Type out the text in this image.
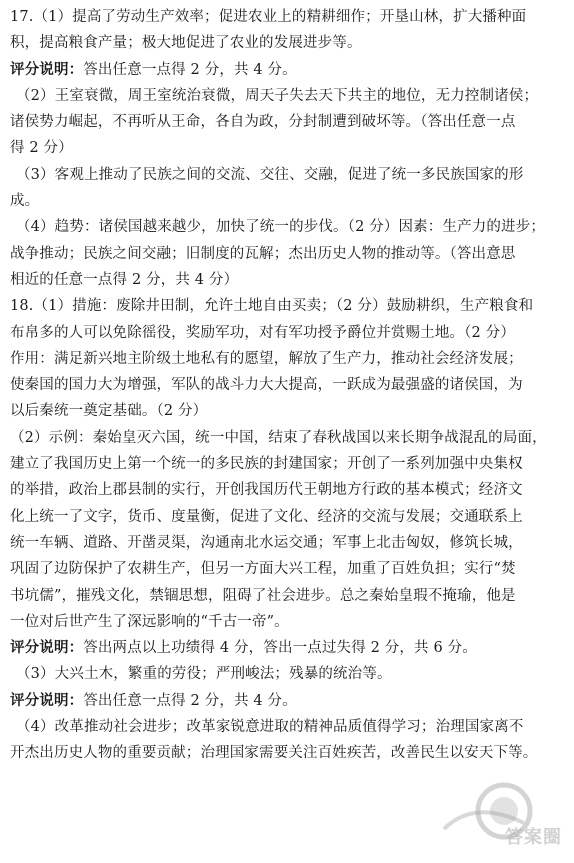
17.（1）提高了劳动生产效率；促进农业上的精耕细作；开垦山林，扩大播种面

积，提高粮食产量；极大地促进了农业的发展进步等。

评分说明：答出任意一点得 2 分，共 4 分。

（2）王室衰微，周王室统治衰微，周天子失去天下共主的地位，无力控制诸侯；

诸侯势力崛起，不再听从王命，各自为政，分封制遭到破坏等。（答出任意一点

得 2 分）

（3）客观上推动了民族之间的交流、交往、交融，促进了统一多民族国家的形

成。

（4）趋势：诸侯国越来越少，加快了统一的步伐。（2 分）因素：生产力的进步；

战争推动；民族之间交融；旧制度的瓦解；杰出历史人物的推动等。（答出意思

相近的任意一点得 2 分，共 4 分）

18.（1）措施：废除井田制，允许土地自由买卖；（2 分）鼓励耕织，生产粮食和

布帛多的人可以免除徭役，奖励军功，对有军功授予爵位并赏赐土地。（2 分）

作用：满足新兴地主阶级土地私有的愿望，解放了生产力，推动社会经济发展；

使秦国的国力大为增强，军队的战斗力大大提高，一跃成为最强盛的诸侯国，为

以后秦统一奠定基础。（2 分）

（2）示例：秦始皇灭六国，统一中国，结束了春秋战国以来长期争战混乱的局面，

建立了我国历史上第一个统一的多民族的封建国家；开创了一系列加强中央集权

的举措，政治上郡县制的实行，开创我国历代王朝地方行政的基本模式；经济文

化上统一了文字，货币、度量衡，促进了文化、经济的交流与发展；交通联系上

统一车辆、道路、开凿灵渠，沟通南北水运交通；军事上北击匈奴，修筑长城，

巩固了边防保护了农耕生产，但另一方面大兴工程，加重了百姓负担；实行“焚

书坑儒”，摧残文化，禁锢思想，阻碍了社会进步。总之秦始皇瑕不掩瑜，他是

一位对后世产生了深远影响的“千古一帝”。

评分说明：答出两点以上功绩得 4 分，答出一点过失得 2 分，共 6 分。

（3）大兴土木，繁重的劳役；严刑峻法；残暴的统治等。

评分说明：答出任意一点得 2 分，共 4 分。

（4）改革推动社会进步；改革家锐意进取的精神品质值得学习；治理国家离不

开杰出历史人物的重要贡献；治理国家需要关注百姓疾苦，改善民生以安天下等。

答案圈
